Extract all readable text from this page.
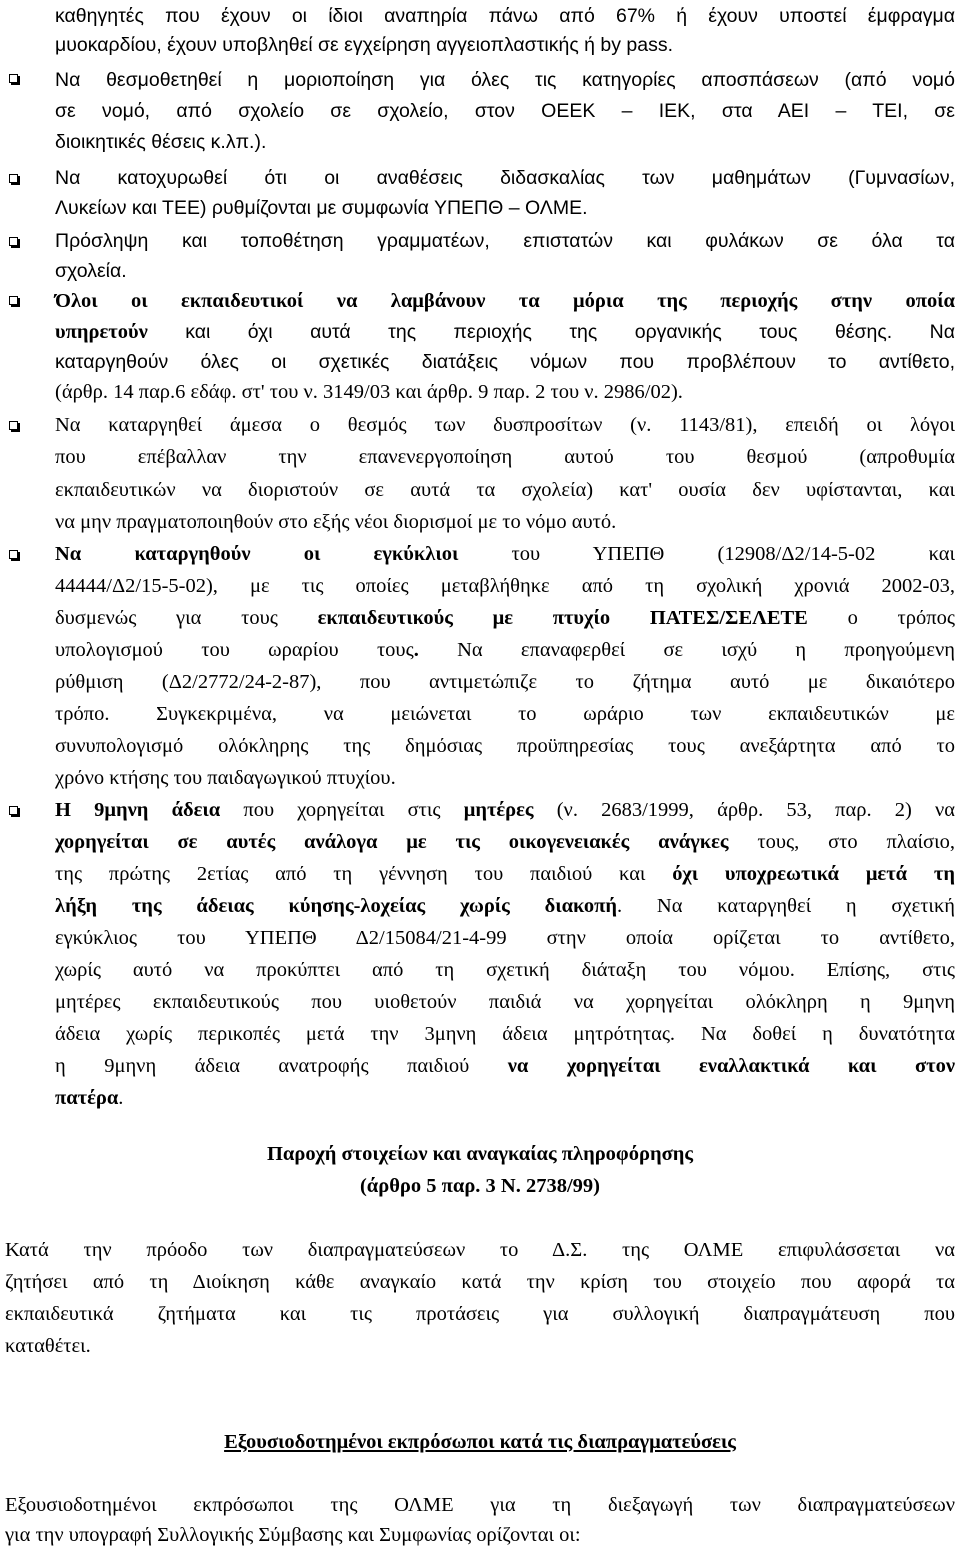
καθηγητές που έχουν οι ίδιοι αναπηρία πάνω από 67% ή έχουν υποστεί έμφραγμα
μυοκαρδίου, έχουν υποβληθεί σε εγχείρηση αγγειοπλαστικής ή by pass.
Να θεσμοθετηθεί η μοριοποίηση για όλες τις κατηγορίες αποσπάσεων (από νομό
σε νομό, από σχολείο σε σχολείο, στον ΟΕΕΚ – ΙΕΚ, στα ΑΕΙ – ΤΕΙ, σε
διοικητικές θέσεις κ.λπ.).
Να κατοχυρωθεί ότι οι αναθέσεις διδασκαλίας των μαθημάτων (Γυμνασίων,
Λυκείων και ΤΕΕ) ρυθμίζονται με συμφωνία ΥΠΕΠΘ – ΟΛΜΕ.
Πρόσληψη και τοποθέτηση γραμματέων, επιστατών και φυλάκων σε όλα τα
σχολεία.
Όλοι οι εκπαιδευτικοί να λαμβάνουν τα μόρια της περιοχής στην οποία
υπηρετούν και όχι αυτά της περιοχής της οργανικής τους θέσης. Να
καταργηθούν όλες οι σχετικές διατάξεις νόμων που προβλέπουν το αντίθετο,
(άρθρ. 14 παρ.6 εδάφ. στ' του ν. 3149/03 και άρθρ. 9 παρ. 2 του ν. 2986/02).
Να καταργηθεί άμεσα ο θεσμός των δυσπροσίτων (ν. 1143/81), επειδή οι λόγοι
που επέβαλλαν την επανενεργοποίηση αυτού του θεσμού (απροθυμία
εκπαιδευτικών να διοριστούν σε αυτά τα σχολεία) κατ' ουσία δεν υφίστανται, και
να μην πραγματοποιηθούν στο εξής νέοι διορισμοί με το νόμο αυτό.
Να καταργηθούν οι εγκύκλιοι του ΥΠΕΠΘ (12908/Δ2/14-5-02 και
44444/Δ2/15-5-02), με τις οποίες μεταβλήθηκε από τη σχολική χρονιά 2002-03,
δυσμενώς για τους εκπαιδευτικούς με πτυχίο ΠΑΤΕΣ/ΣΕΛΕΤΕ ο τρόπος
υπολογισμού του ωραρίου τους. Να επαναφερθεί σε ισχύ η προηγούμενη
ρύθμιση (Δ2/2772/24-2-87), που αντιμετώπιζε το ζήτημα αυτό με δικαιότερο
τρόπο. Συγκεκριμένα, να μειώνεται το ωράριο των εκπαιδευτικών με
συνυπολογισμό ολόκληρης της δημόσιας προϋπηρεσίας τους ανεξάρτητα από το
χρόνο κτήσης του παιδαγωγικού πτυχίου.
Η 9μηνη άδεια που χορηγείται στις μητέρες (ν. 2683/1999, άρθρ. 53, παρ. 2) να
χορηγείται σε αυτές ανάλογα με τις οικογενειακές ανάγκες τους, στο πλαίσιο,
της πρώτης 2ετίας από τη γέννηση του παιδιού και όχι υποχρεωτικά μετά τη
λήξη της άδειας κύησης-λοχείας χωρίς διακοπή. Να καταργηθεί η σχετική
εγκύκλιος του ΥΠΕΠΘ Δ2/15084/21-4-99 στην οποία ορίζεται το αντίθετο,
χωρίς αυτό να προκύπτει από τη σχετική διάταξη του νόμου. Επίσης, στις
μητέρες εκπαιδευτικούς που υιοθετούν παιδιά να χορηγείται ολόκληρη η 9μηνη
άδεια χωρίς περικοπές μετά την 3μηνη άδεια μητρότητας. Να δοθεί η δυνατότητα
η 9μηνη άδεια ανατροφής παιδιού να χορηγείται εναλλακτικά και στον
πατέρα.
Παροχή στοιχείων και αναγκαίας πληροφόρησης
(άρθρο 5 παρ. 3 Ν. 2738/99)
Κατά την πρόοδο των διαπραγματεύσεων το Δ.Σ. της ΟΛΜΕ επιφυλάσσεται να
ζητήσει από τη Διοίκηση κάθε αναγκαίο κατά την κρίση του στοιχείο που αφορά τα
εκπαιδευτικά ζητήματα και τις προτάσεις για συλλογική διαπραγμάτευση που
καταθέτει.
Εξουσιοδοτημένοι εκπρόσωποι κατά τις διαπραγματεύσεις
Εξουσιοδοτημένοι εκπρόσωποι της ΟΛΜΕ για τη διεξαγωγή των διαπραγματεύσεων
για την υπογραφή Συλλογικής Σύμβασης και Συμφωνίας ορίζονται οι:
